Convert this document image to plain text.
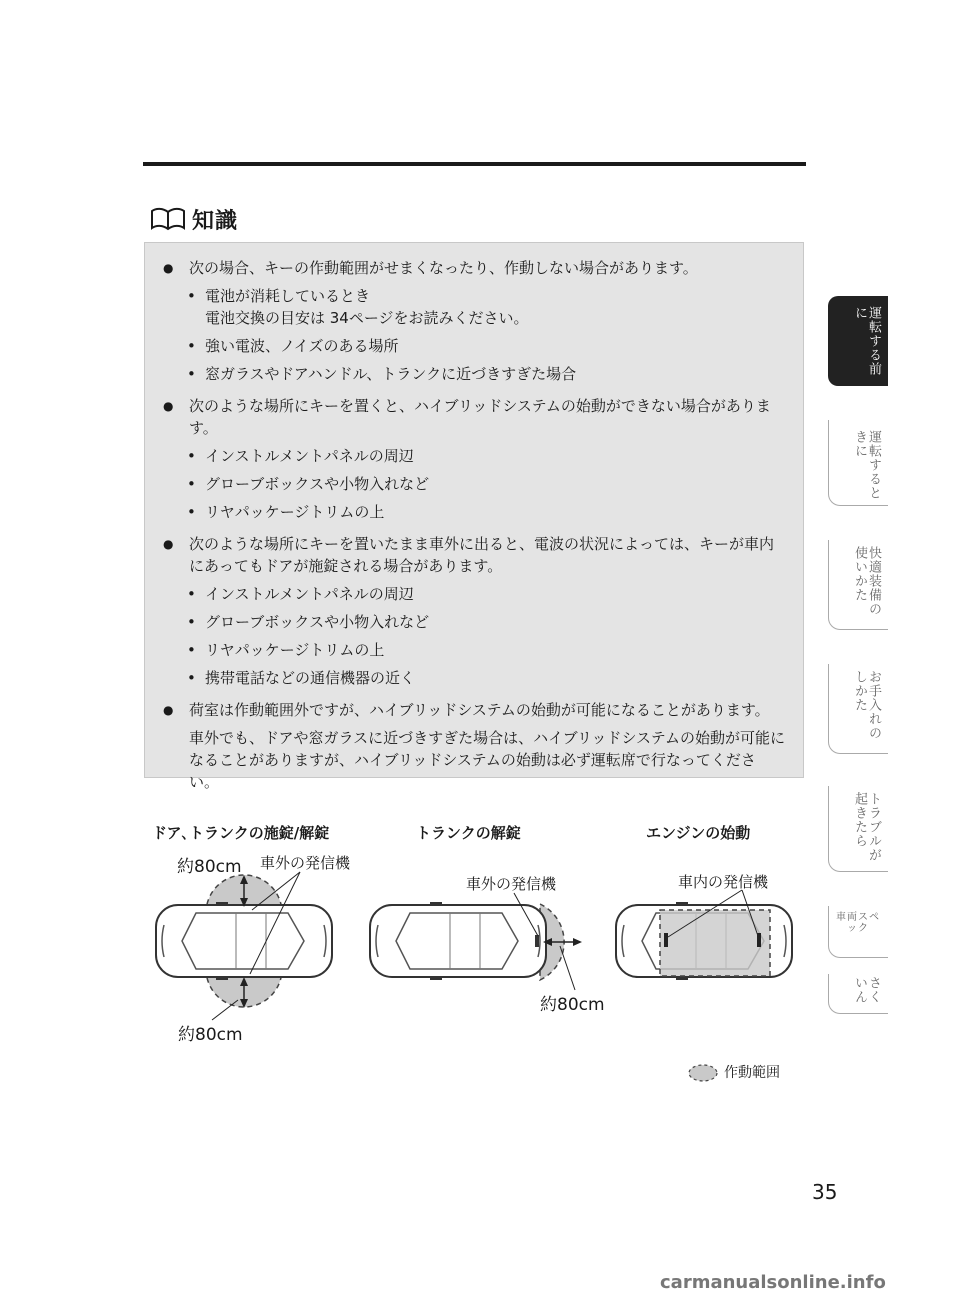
知識
● 次の場合、キーの作動範囲がせまくなったり、作動しない場合があります。
• 電池が消耗しているとき
電池交換の目安は 34ページをお読みください。
• 強い電波、ノイズのある場所
• 窓ガラスやドアハンドル、トランクに近づきすぎた場合
● 次のような場所にキーを置くと、ハイブリッドシステムの始動ができない場合があります。
• インストルメントパネルの周辺
• グローブボックスや小物入れなど
• リヤパッケージトリムの上
● 次のような場所にキーを置いたまま車外に出ると、電波の状況によっては、キーが車内にあってもドアが施錠される場合があります。
• インストルメントパネルの周辺
• グローブボックスや小物入れなど
• リヤパッケージトリムの上
• 携帯電話などの通信機器の近く
● 荷室は作動範囲外ですが、ハイブリッドシステムの始動が可能になることがあります。
車外でも、ドアや窓ガラスに近づきすぎた場合は、ハイブリッドシステムの始動が可能になることがありますが、ハイブリッドシステムの始動は必ず運転席で行なってください。
ドア､トランクの施錠/解錠	トランクの解錠	エンジンの始動
約80cm 車外の発信機
約80cm
車外の発信機
約80cm
車内の発信機
作動範囲
運転する前に
運転するときに
快適装備の使いかた
お手入れのしかた
トラブルが起きたら
車両スペック
さくいん
35
carmanualsonline.info
